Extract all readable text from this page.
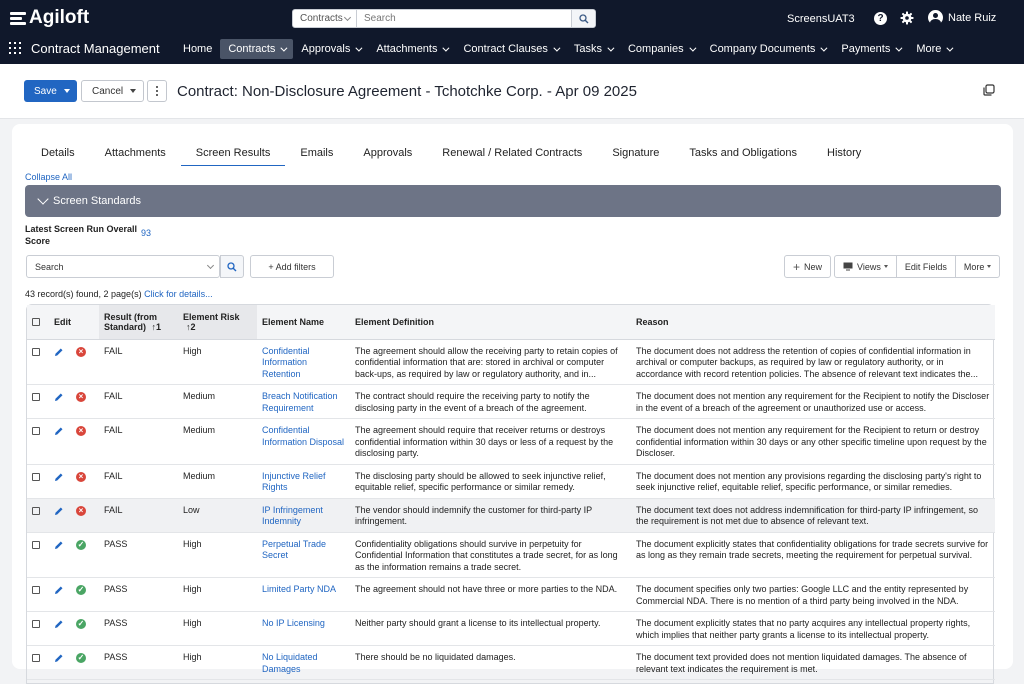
Agiloft	Contracts	Search	ScreensUAT3	?	Nate Ruiz
Contract Management Home Contracts Approvals Attachments Contract Clauses Tasks Companies Company Documents Payments More
Save	Cancel	Contract: Non-Disclosure Agreement - Tchotchke Corp. - Apr 09 2025
Details	Attachments	Screen Results	Emails	Approvals	Renewal / Related Contracts	Signature	Tasks and Obligations	History
Collapse All
Screen Standards
Latest Screen Run Overall Score
93
Search	+ Add filters	+ New	Views	Edit Fields More
43 record(s) found, 2 page(s) Click for details...
	Edit		Result (from Standard) ↑1	Element Risk ↑2	Element Name	Element Definition	Reason
		×	FAIL	High	Confidential Information Retention	The agreement should allow the receiving party to retain copies of confidential information that are: stored in archival or computer back-ups, as required by law or regulatory authority, and in...	The document does not address the retention of copies of confidential information in archival or computer backups, as required by law or regulatory authority, or in accordance with record retention policies. The absence of relevant text indicates the...

		×	FAIL	Medium	Breach Notification Requirement	The contract should require the receiving party to notify the disclosing party in the event of a breach of the agreement.	The document does not mention any requirement for the Recipient to notify the Discloser in the event of a breach of the agreement or unauthorized use or access.

		×	FAIL	Medium	Confidential Information Disposal	The agreement should require that receiver returns or destroys confidential information within 30 days or less of a request by the disclosing party.	The document does not mention any requirement for the Recipient to return or destroy confidential information within 30 days or any other specific timeline upon request by the Discloser.

		×	FAIL	Medium	Injunctive Relief Rights	The disclosing party should be allowed to seek injunctive relief, equitable relief, specific performance or similar remedy.	The document does not mention any provisions regarding the disclosing party's right to seek injunctive relief, equitable relief, specific performance, or similar remedies.

		×	FAIL	Low	IP Infringement Indemnity	The vendor should indemnify the customer for third-party IP infringement.	The document text does not address indemnification for third-party IP infringement, so the requirement is not met due to absence of relevant text.

		✓	PASS	High	Perpetual Trade Secret	Confidentiality obligations should survive in perpetuity for Confidential Information that constitutes a trade secret, for as long as the information remains a trade secret.	The document explicitly states that confidentiality obligations for trade secrets survive for as long as they remain trade secrets, meeting the requirement for perpetual survival.

		✓	PASS	High	Limited Party NDA	The agreement should not have three or more parties to the NDA.	The document specifies only two parties: Google LLC and the entity represented by Commercial NDA. There is no mention of a third party being involved in the NDA.

		✓	PASS	High	No IP Licensing	Neither party should grant a license to its intellectual property.	The document explicitly states that no party acquires any intellectual property rights, which implies that neither party grants a license to its intellectual property.

		✓	PASS	High	No Liquidated Damages	There should be no liquidated damages.	The document text provided does not mention liquidated damages. The absence of relevant text indicates the requirement is met.
